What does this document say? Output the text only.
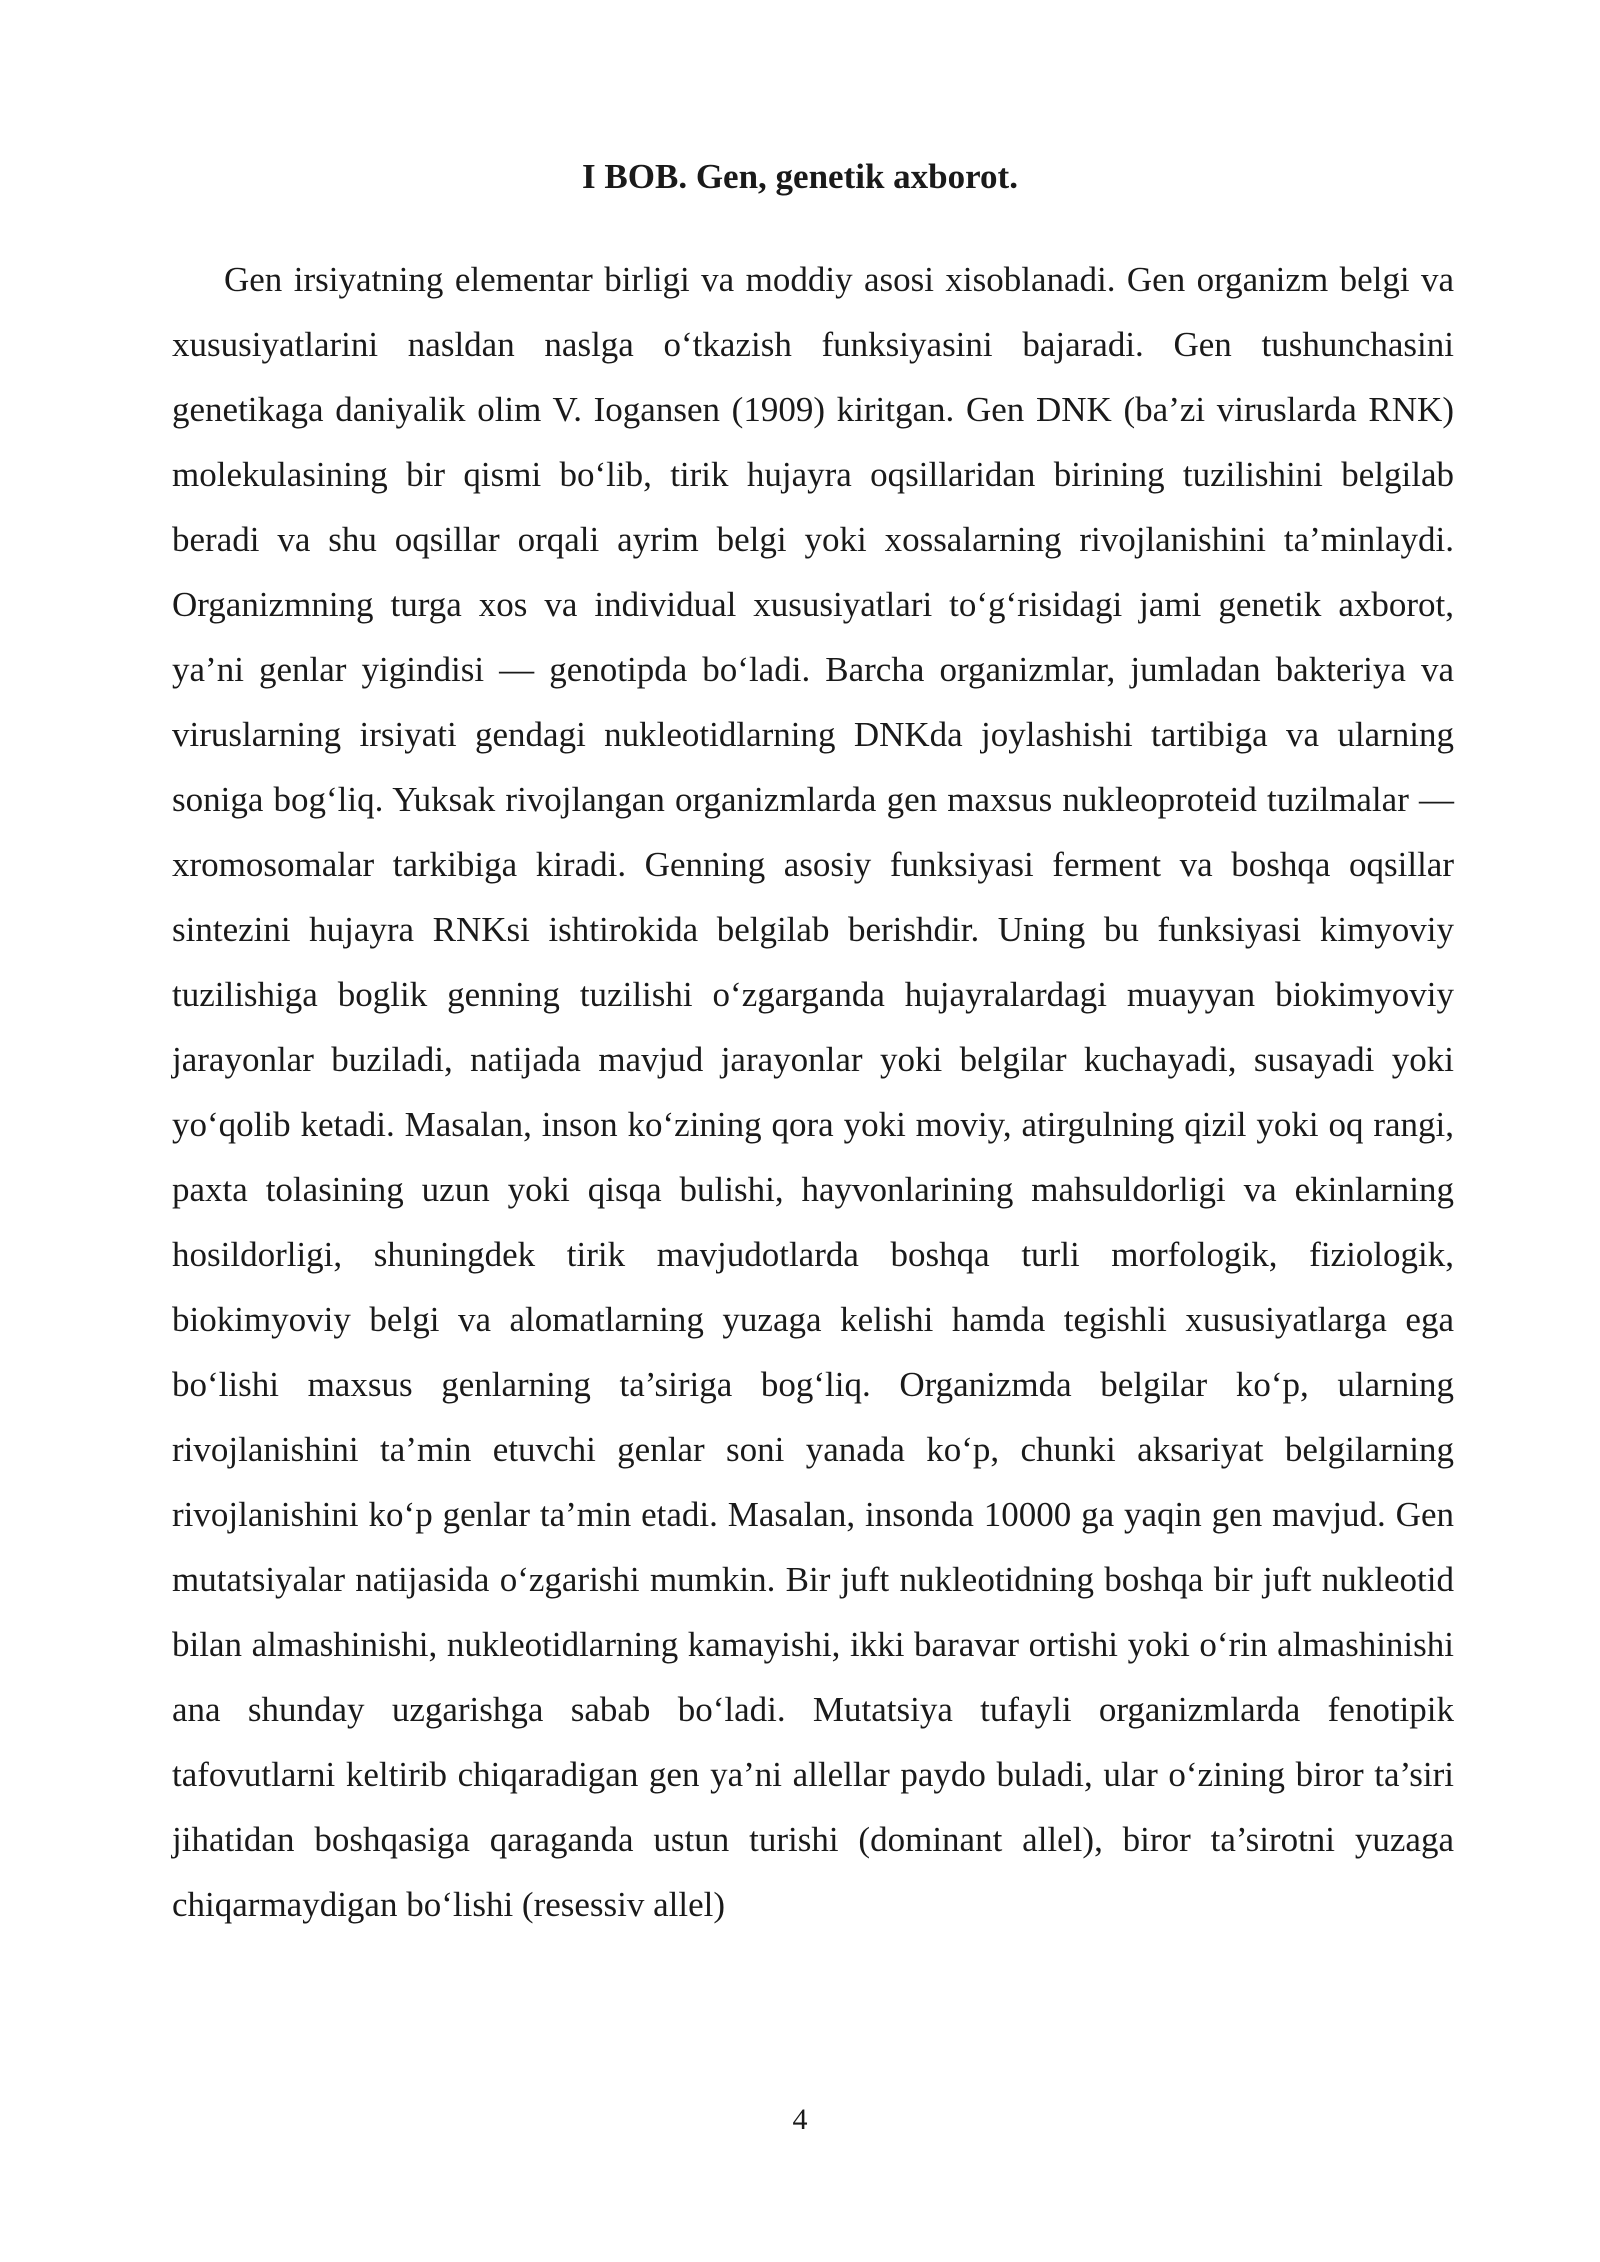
I BOB. Gen, genetik axborot.

Gen irsiyatning elementar birligi va moddiy asosi xisoblanadi. Gen organizm belgi va xususiyatlarini nasldan naslga o‘tkazish funksiyasini bajaradi. Gen tushunchasini genetikaga daniyalik olim V. Iogansen (1909) kiritgan. Gen DNK (ba’zi viruslarda RNK) molekulasining bir qismi bo‘lib, tirik hujayra oqsillaridan birining tuzilishini belgilab beradi va shu oqsillar orqali ayrim belgi yoki xossalarning rivojlanishini ta’minlaydi. Organizmning turga xos va individual xususiyatlari to‘g‘risidagi jami genetik axborot, ya’ni genlar yigindisi — genotipda bo‘ladi. Barcha organizmlar, jumladan bakteriya va viruslarning irsiyati gendagi nukleotidlarning DNKda joylashishi tartibiga va ularning soniga bog‘liq. Yuksak rivojlangan organizmlarda gen maxsus nukleoproteid tuzilmalar — xromosomalar tarkibiga kiradi. Genning asosiy funksiyasi ferment va boshqa oqsillar sintezini hujayra RNKsi ishtirokida belgilab berishdir. Uning bu funksiyasi kimyoviy tuzilishiga boglik genning tuzilishi o‘zgarganda hujayralardagi muayyan biokimyoviy jarayonlar buziladi, natijada mavjud jarayonlar yoki belgilar kuchayadi, susayadi yoki yo‘qolib ketadi. Masalan, inson ko‘zining qora yoki moviy, atirgulning qizil yoki oq rangi, paxta tolasining uzun yoki qisqa bulishi, hayvonlarining mahsuldorligi va ekinlarning hosildorligi, shuningdek tirik mavjudotlarda boshqa turli morfologik, fiziologik, biokimyoviy belgi va alomatlarning yuzaga kelishi hamda tegishli xususiyatlarga ega bo‘lishi maxsus genlarning ta’siriga bog‘liq. Organizmda belgilar ko‘p, ularning rivojlanishini ta’min etuvchi genlar soni yanada ko‘p, chunki aksariyat belgilarning rivojlanishini ko‘p genlar ta’min etadi. Masalan, insonda 10000 ga yaqin gen mavjud. Gen mutatsiyalar natijasida o‘zgarishi mumkin. Bir juft nukleotidning boshqa bir juft nukleotid bilan almashinishi, nukleotidlarning kamayishi, ikki baravar ortishi yoki o‘rin almashinishi ana shunday uzgarishga sabab bo‘ladi. Mutatsiya tufayli organizmlarda fenotipik tafovutlarni keltirib chiqaradigan gen ya’ni allellar paydo buladi, ular o‘zining biror ta’siri jihatidan boshqasiga qaraganda ustun turishi (dominant allel), biror ta’sirotni yuzaga chiqarmaydigan bo‘lishi (resessiv allel)

4
